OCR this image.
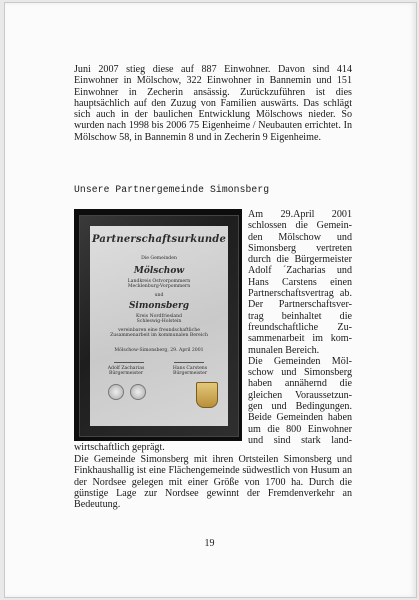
Juni 2007 stieg diese auf 887 Einwohner. Davon sind 414 Einwohner in Mölschow, 322 Einwohner in Bannemin und 151 Einwohner in Zecherin ansässig. Zurückzuführen ist dies hauptsächlich auf den Zuzug von Familien auswärts. Das schlägt sich auch in der baulichen Entwicklung Mölschows nieder. So wurden nach 1998 bis 2006 75 Eigenheime / Neubauten errichtet. In Mölschow 58, in Bannemin 8 und in Zecherin 9 Eigenheime.

Unsere Partnergemeinde Simonsberg

Partnerschaftsurkunde
Die Gemeinden
Mölschow
Landkreis Ostvorpommern
Mecklenburg-Vorpommern
und
Simonsberg
Kreis Nordfriesland
Schleswig-Holstein
vereinbaren eine freundschaftliche
Zusammenarbeit im kommunalen Bereich
Mölschow-Simonsberg, 29. April 2001
Adolf Zacharias	Hans Carstens
Bürgermeister	Bürgermeister

Am 29.April 2001
schlossen die Gemein-
den Mölschow und
Simonsberg vertreten
durch die Bürgermeister
Adolf ´Zacharias und
Hans Carstens einen
Partnerschaftsvertrag ab.
Der Partnerschaftsver-
trag beinhaltet die
freundschaftliche Zu-
sammenarbeit im kom-
munalen Bereich.
Die Gemeinden Möl-
schow und Simonsberg
haben annähernd die
gleichen Voraussetzun-
gen und Bedingungen.
Beide Gemeinden haben
um die 800 Einwohner
und sind stark land-

wirtschaftlich geprägt.

Die Gemeinde Simonsberg mit ihren Ortsteilen Simonsberg und Finkhaushallig ist eine Flächengemeinde südwestlich von Husum an der Nordsee gelegen mit einer Größe von 1700 ha. Durch die günstige Lage zur Nordsee gewinnt der Fremdenverkehr an Bedeutung.

19
